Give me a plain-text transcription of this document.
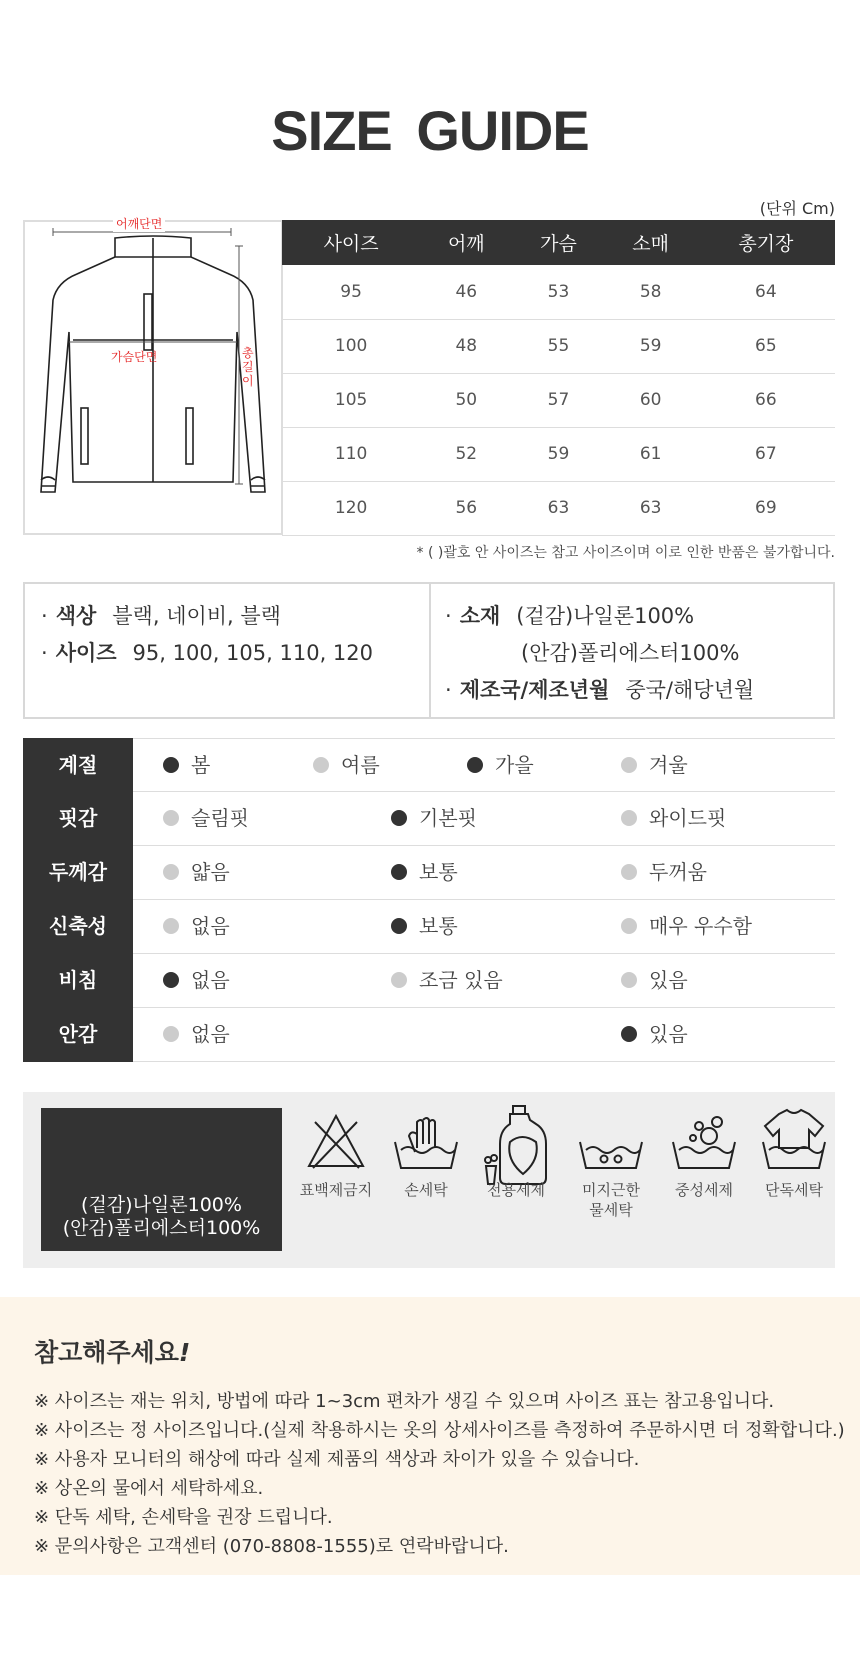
SIZE GUIDE
(단위 Cm)
어깨단면
가슴단면	총길이
사이즈	어깨	가슴	소매	총기장
95	46	53	58	64
100	48	55	59	65
105	50	57	60	66
110	52	59	61	67
120	56	63	63	69
* ( )괄호 안 사이즈는 참고 사이즈이며 이로 인한 반품은 불가합니다.
· 색상 블랙, 네이비, 블랙
· 사이즈 95, 100, 105, 110, 120
· 소재 (겉감)나일론100%
(안감)폴리에스터100%
· 제조국/제조년월 중국/해당년월
계절	봄	여름	가을	겨울
핏감	슬림핏	기본핏	와이드핏
두께감	얇음	보통	두꺼움
신축성	없음	보통	매우 우수함
비침	없음	조금 있음	있음
안감	없음	있음
(겉감)나일론100%
(안감)폴리에스터100%
표백제금지	손세탁	전용세제	미지근한
물세탁
중성세제	단독세탁
참고해주세요!
※ 사이즈는 재는 위치, 방법에 따라 1~3cm 편차가 생길 수 있으며 사이즈 표는 참고용입니다.
※ 사이즈는 정 사이즈입니다.(실제 착용하시는 옷의 상세사이즈를 측정하여 주문하시면 더 정확합니다.)
※ 사용자 모니터의 해상에 따라 실제 제품의 색상과 차이가 있을 수 있습니다.
※ 상온의 물에서 세탁하세요.
※ 단독 세탁, 손세탁을 권장 드립니다.
※ 문의사항은 고객센터 (070-8808-1555)로 연락바랍니다.
